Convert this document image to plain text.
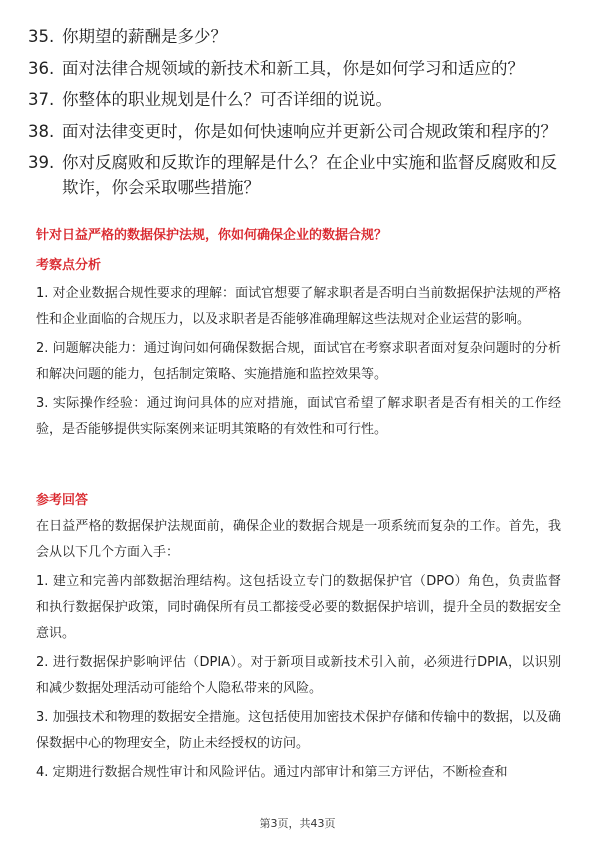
35. 你期望的薪酬是多少？
36. 面对法律合规领域的新技术和新工具，你是如何学习和适应的？
37. 你整体的职业规划是什么？可否详细的说说。
38. 面对法律变更时，你是如何快速响应并更新公司合规政策和程序的？
39. 你对反腐败和反欺诈的理解是什么？在企业中实施和监督反腐败和反欺诈，你会采取哪些措施？
针对日益严格的数据保护法规，你如何确保企业的数据合规？
考察点分析

1. 对企业数据合规性要求的理解：面试官想要了解求职者是否明白当前数据保护法规的严格性和企业面临的合规压力，以及求职者是否能够准确理解这些法规对企业运营的影响。

2. 问题解决能力：通过询问如何确保数据合规，面试官在考察求职者面对复杂问题时的分析和解决问题的能力，包括制定策略、实施措施和监控效果等。

3. 实际操作经验：通过询问具体的应对措施，面试官希望了解求职者是否有相关的工作经验，是否能够提供实际案例来证明其策略的有效性和可行性。

参考回答

在日益严格的数据保护法规面前，确保企业的数据合规是一项系统而复杂的工作。首先，我会从以下几个方面入手：

1. 建立和完善内部数据治理结构。这包括设立专门的数据保护官（DPO）角色，负责监督和执行数据保护政策，同时确保所有员工都接受必要的数据保护培训，提升全员的数据安全意识。

2. 进行数据保护影响评估（DPIA）。对于新项目或新技术引入前，必须进行DPIA，以识别和减少数据处理活动可能给个人隐私带来的风险。

3. 加强技术和物理的数据安全措施。这包括使用加密技术保护存储和传输中的数据，以及确保数据中心的物理安全，防止未经授权的访问。

4. 定期进行数据合规性审计和风险评估。通过内部审计和第三方评估，不断检查和

第3页，共43页
